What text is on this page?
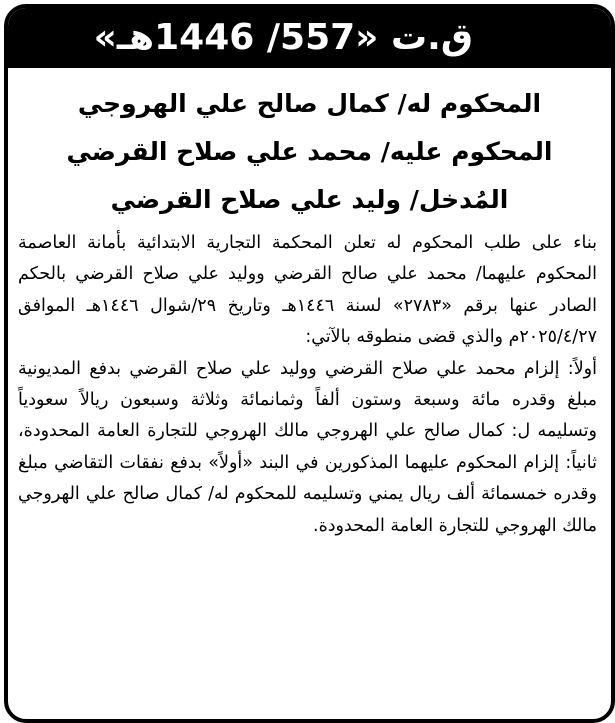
ق.ت «557/ 1446هـ»
المحكوم له/ كمال صالح علي الهروجي
المحكوم عليه/ محمد علي صلاح القرضي
المُدخل/ وليد علي صلاح القرضي

بناء على طلب المحكوم له تعلن المحكمة التجارية الابتدائية بأمانة العاصمة المحكوم عليهما/ محمد علي صالح القرضي ووليد علي صلاح القرضي بالحكم الصادر عنها برقم «٢٧٨٣» لسنة ١٤٤٦هـ وتاريخ ٢٩/شوال ١٤٤٦هـ الموافق ٢٠٢٥/٤/٢٧م والذي قضى منطوقه بالآتي:

أولاً: إلزام محمد علي صلاح القرضي ووليد علي صلاح القرضي بدفع المديونية مبلغ وقدره مائة وسبعة وستون ألفاً وثمانمائة وثلاثة وسبعون ريالاً سعودياً وتسليمه ل: كمال صالح علي الهروجي مالك الهروجي للتجارة العامة المحدودة، ثانياً: إلزام المحكوم عليهما المذكورين في البند «أولاً» بدفع نفقات التقاضي مبلغ وقدره خمسمائة ألف ريال يمني وتسليمه للمحكوم له/ كمال صالح علي الهروجي مالك الهروجي للتجارة العامة المحدودة.
